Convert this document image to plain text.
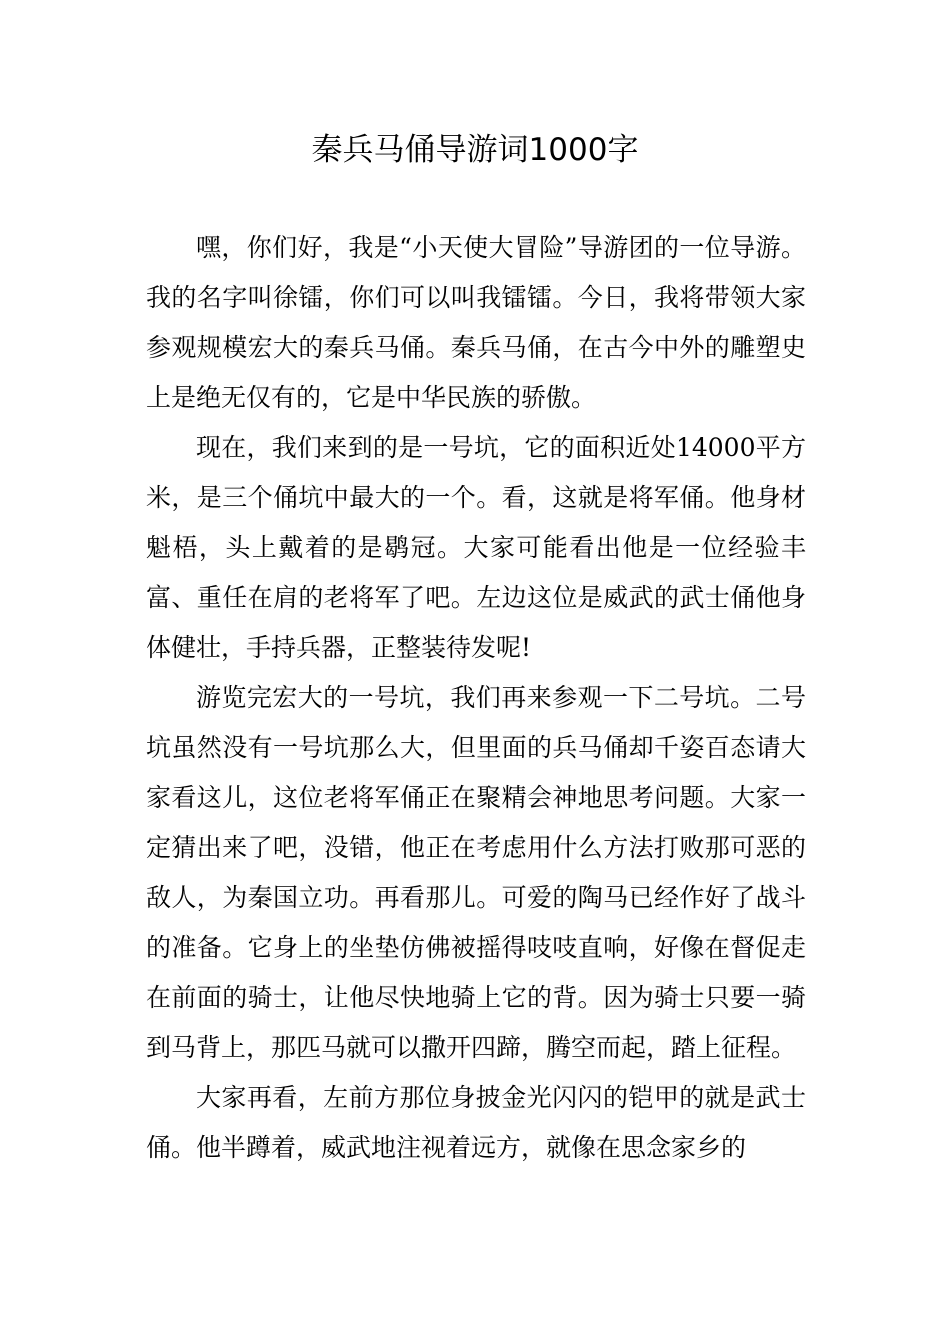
秦兵马俑导游词1000字

嘿，你们好，我是“小天使大冒险”导游团的一位导游。我的名字叫徐镭，你们可以叫我镭镭。今日，我将带领大家参观规模宏大的秦兵马俑。秦兵马俑，在古今中外的雕塑史上是绝无仅有的，它是中华民族的骄傲。

现在，我们来到的是一号坑，它的面积近处14000平方米，是三个俑坑中最大的一个。看，这就是将军俑。他身材魁梧，头上戴着的是鹖冠。大家可能看出他是一位经验丰富、重任在肩的老将军了吧。左边这位是威武的武士俑他身体健壮，手持兵器，正整装待发呢!

游览完宏大的一号坑，我们再来参观一下二号坑。二号坑虽然没有一号坑那么大，但里面的兵马俑却千姿百态请大家看这儿，这位老将军俑正在聚精会神地思考问题。大家一定猜出来了吧，没错，他正在考虑用什么方法打败那可恶的敌人，为秦国立功。再看那儿。可爱的陶马已经作好了战斗的准备。它身上的坐垫仿佛被摇得吱吱直响，好像在督促走在前面的骑士，让他尽快地骑上它的背。因为骑士只要一骑到马背上，那匹马就可以撒开四蹄，腾空而起，踏上征程。

大家再看，左前方那位身披金光闪闪的铠甲的就是武士俑。他半蹲着，威武地注视着远方，就像在思念家乡的
